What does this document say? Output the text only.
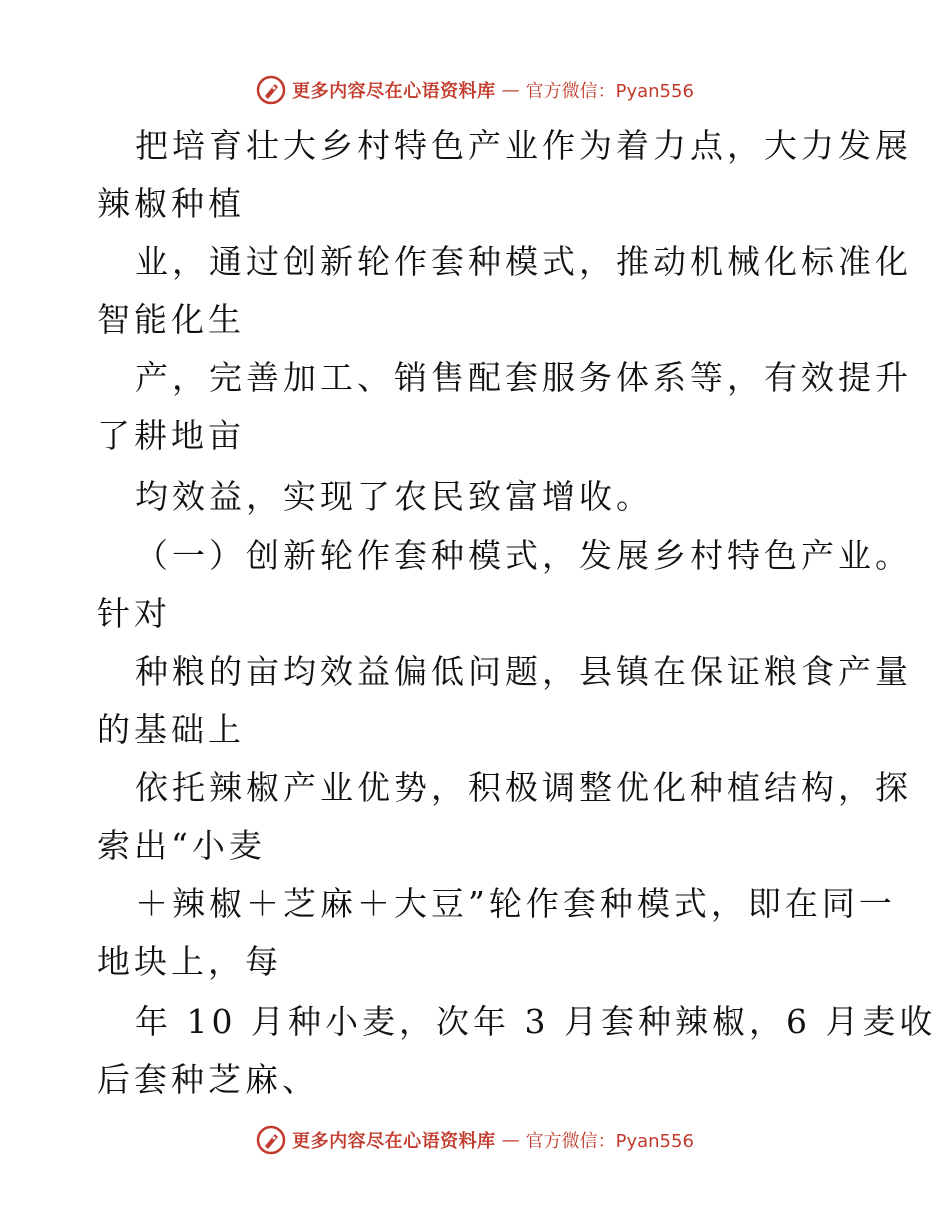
更多内容尽在心语资料库 — 官方微信：Pyan556
把培育壮大乡村特色产业作为着力点，大力发展
辣椒种植
业，通过创新轮作套种模式，推动机械化标准化
智能化生
产，完善加工、销售配套服务体系等，有效提升
了耕地亩
均效益，实现了农民致富增收。
（一）创新轮作套种模式，发展乡村特色产业。
针对
种粮的亩均效益偏低问题，县镇在保证粮食产量
的基础上
依托辣椒产业优势，积极调整优化种植结构，探
索出“小麦
＋辣椒＋芝麻＋大豆”轮作套种模式，即在同一
地块上，每
年 10 月种小麦，次年 3 月套种辣椒，6 月麦收
后套种芝麻、
更多内容尽在心语资料库 — 官方微信：Pyan556
